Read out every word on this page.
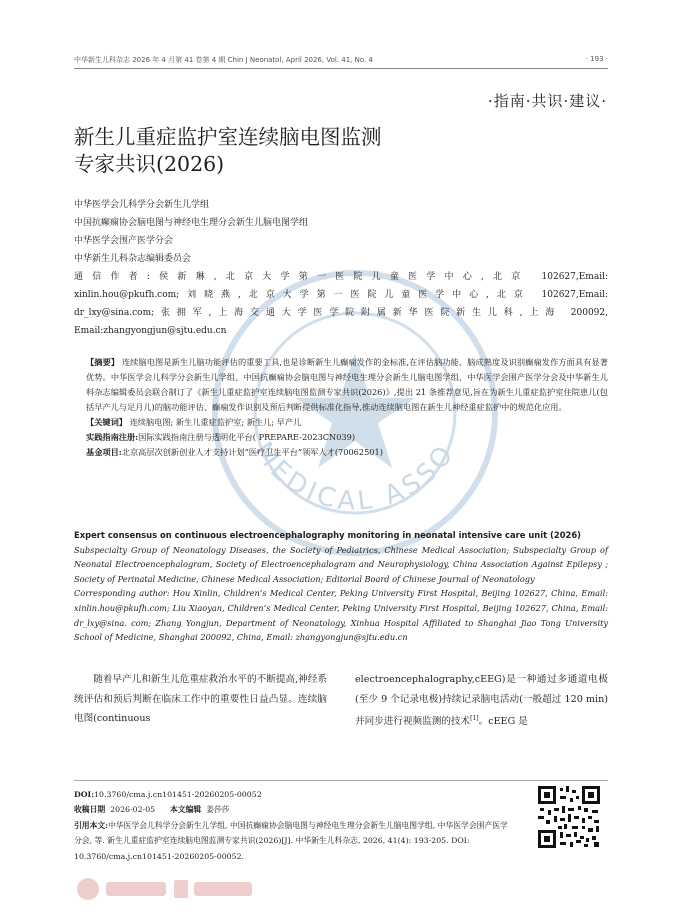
中华新生儿科杂志 2026 年 4 月第 41 卷第 4 期 Chin J Neonatol, April 2026, Vol. 41, No. 4	· 193 ·
·指南·共识·建议·
新生儿重症监护室连续脑电图监测
专家共识(2026)
MEDICAL ASSO
中华医学会儿科学分会新生儿学组
中国抗癫痫协会脑电图与神经电生理分会新生儿脑电图学组
中华医学会围产医学分会
中华新生儿科杂志编辑委员会
通信作者:侯新琳,北京大学第一医院儿童医学中心,北京 102627,Email:
xinlin.hou@pkufh.com;刘晓燕,北京大学第一医院儿童医学中心,北京 102627,Email:
dr_lxy@sina.com;张拥军,上海交通大学医学院附属新华医院新生儿科,上海 200092,
Email:zhangyongjun@sjtu.edu.cn

【摘要】 连续脑电图是新生儿脑功能评估的重要工具,也是诊断新生儿癫痫发作的金标准,在评估脑功能、脑成熟度及识别癫痫发作方面具有显著优势。中华医学会儿科学分会新生儿学组、中国抗癫痫协会脑电图与神经电生理分会新生儿脑电图学组、中华医学会围产医学分会及中华新生儿科杂志编辑委员会联合制订了《新生儿重症监护室连续脑电图监测专家共识(2026)》,提出 21 条推荐意见,旨在为新生儿重症监护室住院患儿(包括早产儿与足月儿)的脑功能评估、癫痫发作识别及预后判断提供标准化指导,推动连续脑电图在新生儿神经重症监护中的规范化应用。

【关键词】 连续脑电图; 新生儿重症监护室; 新生儿; 早产儿

实践指南注册:国际实践指南注册与透明化平台( PREPARE-2023CN039)

基金项目:北京高层次创新创业人才支持计划“医疗卫生平台”领军人才(70062501)

Expert consensus on continuous electroencephalography monitoring in neonatal intensive care unit (2026)
Subspecialty Group of Neonatology Diseases, the Society of Pediatrics, Chinese Medical Association; Subspecialty Group of Neonatal Electroencephalogram, Society of Electroencephalogram and Neurophysiology, China Association Against Epilepsy ; Society of Perinatal Medicine, Chinese Medical Association; Editorial Board of Chinese Journal of Neonatology
Corresponding author: Hou Xinlin, Children’s Medical Center, Peking University First Hospital, Beijing 102627, China, Email: xinlin.hou@pkufh.com; Liu Xiaoyan, Children’s Medical Center, Peking University First Hospital, Beijing 102627, China, Email: dr_lxy@sina. com; Zhang Yongjun, Department of Neonatology, Xinhua Hospital Affiliated to Shanghai Jiao Tong University School of Medicine, Shanghai 200092, China, Email: zhangyongjun@sjtu.edu.cn
随着早产儿和新生儿危重症救治水平的不断提高,神经系统评估和预后判断在临床工作中的重要性日益凸显。连续脑电图(continuous
electroencephalography,cEEG)是一种通过多通道电极(至少 9 个记录电极)持续记录脑电活动(一般超过 120 min)并同步进行视频监测的技术[1]。cEEG 是
DOI:10.3760/cma.j.cn101451-20260205-00052
收稿日期 2026-02-05 本文编辑 姜莎莎
引用本文:中华医学会儿科学分会新生儿学组, 中国抗癫痫协会脑电图与神经电生理分会新生儿脑电图学组, 中华医学会围产医学分会, 等. 新生儿重症监护室连续脑电图监测专家共识(2026)[J]. 中华新生儿科杂志, 2026, 41(4): 193-205. DOI: 10.3760/cma.j.cn101451-20260205-00052.
